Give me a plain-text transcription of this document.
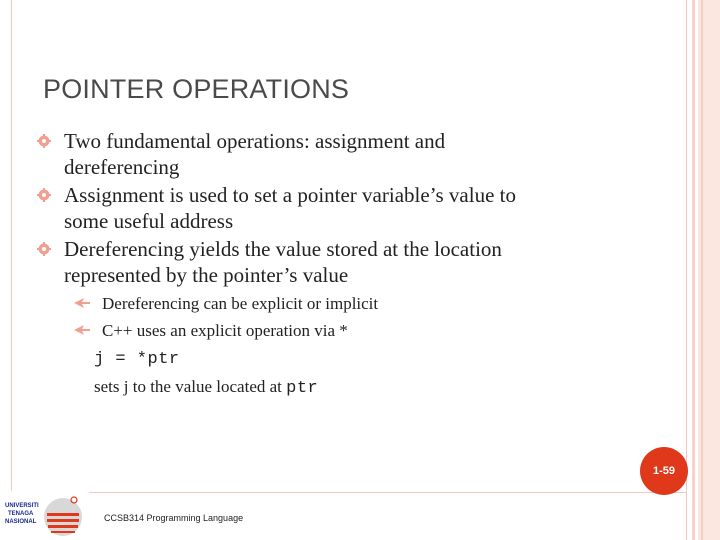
POINTER OPERATIONS
Two fundamental operations: assignment and
dereferencing
Assignment is used to set a pointer variable’s value to
some useful address
Dereferencing yields the value stored at the location
represented by the pointer’s value
Dereferencing can be explicit or implicit
C++ uses an explicit operation via *
j = *ptr
sets j to the value located at ptr
1-59
UNIVERSITI
TENAGA
NASIONAL	CCSB314 Programming Language
